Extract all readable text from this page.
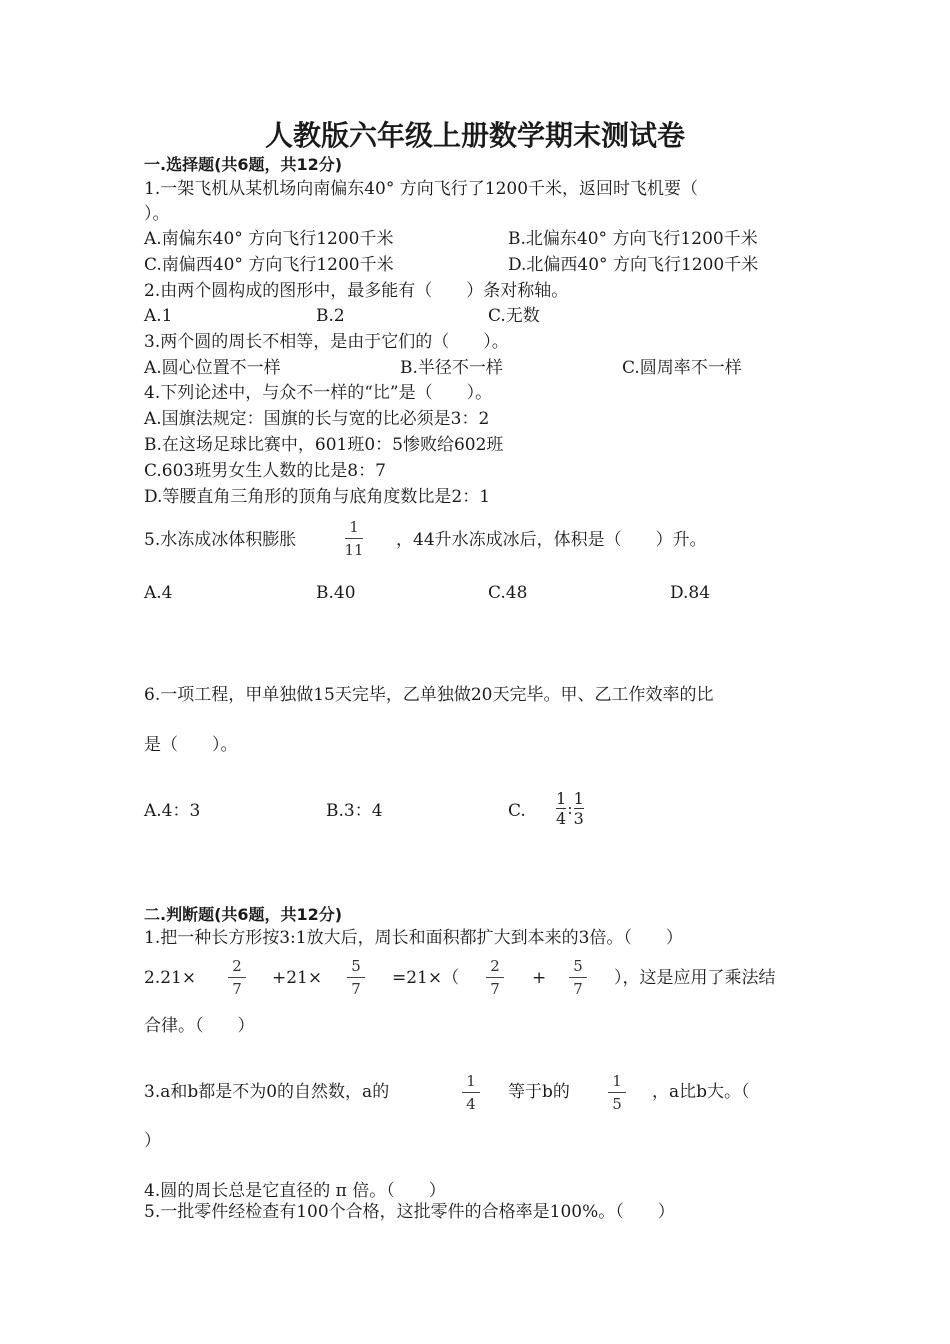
人教版六年级上册数学期末测试卷
一.选择题(共6题，共12分)
1.一架飞机从某机场向南偏东40° 方向飞行了1200千米，返回时飞机要（
）。
A.南偏东40° 方向飞行1200千米	B.北偏东40° 方向飞行1200千米
C.南偏西40° 方向飞行1200千米	D.北偏西40° 方向飞行1200千米
2.由两个圆构成的图形中，最多能有（　　）条对称轴。
A.1	B.2	C.无数
3.两个圆的周长不相等，是由于它们的（　　）。
A.圆心位置不一样	B.半径不一样	C.圆周率不一样
4.下列论述中，与众不一样的“比”是（　　）。
A.国旗法规定：国旗的长与宽的比必须是3：2
B.在这场足球比赛中，601班0：5惨败给602班
C.603班男女生人数的比是8：7
D.等腰直角三角形的顶角与底角度数比是2：1
5.水冻成冰体积膨胀
1
11 ，44升水冻成冰后，体积是（　　）升。
A.4	B.40	C.48	D.84
6.一项工程，甲单独做15天完毕，乙单独做20天完毕。甲、乙工作效率的比
是（　　）。
A.4：3	B.3：4	C. $\frac{1}{4}$ : $\frac{1}{3}$
二.判断题(共6题，共12分)
1.把一种长方形按3:1放大后，周长和面积都扩大到本来的3倍。（　　）
2.21×
2
7
+21×
5
7
=21×（
2
7
+
5
7
），这是应用了乘法结
合律。（　　）
3.a和b都是不为0的自然数，a的
1
4
等于b的
1
5
，a比b大。（
）
4.圆的周长总是它直径的 π 倍。（　　）
5.一批零件经检查有100个合格，这批零件的合格率是100%。（　　）
